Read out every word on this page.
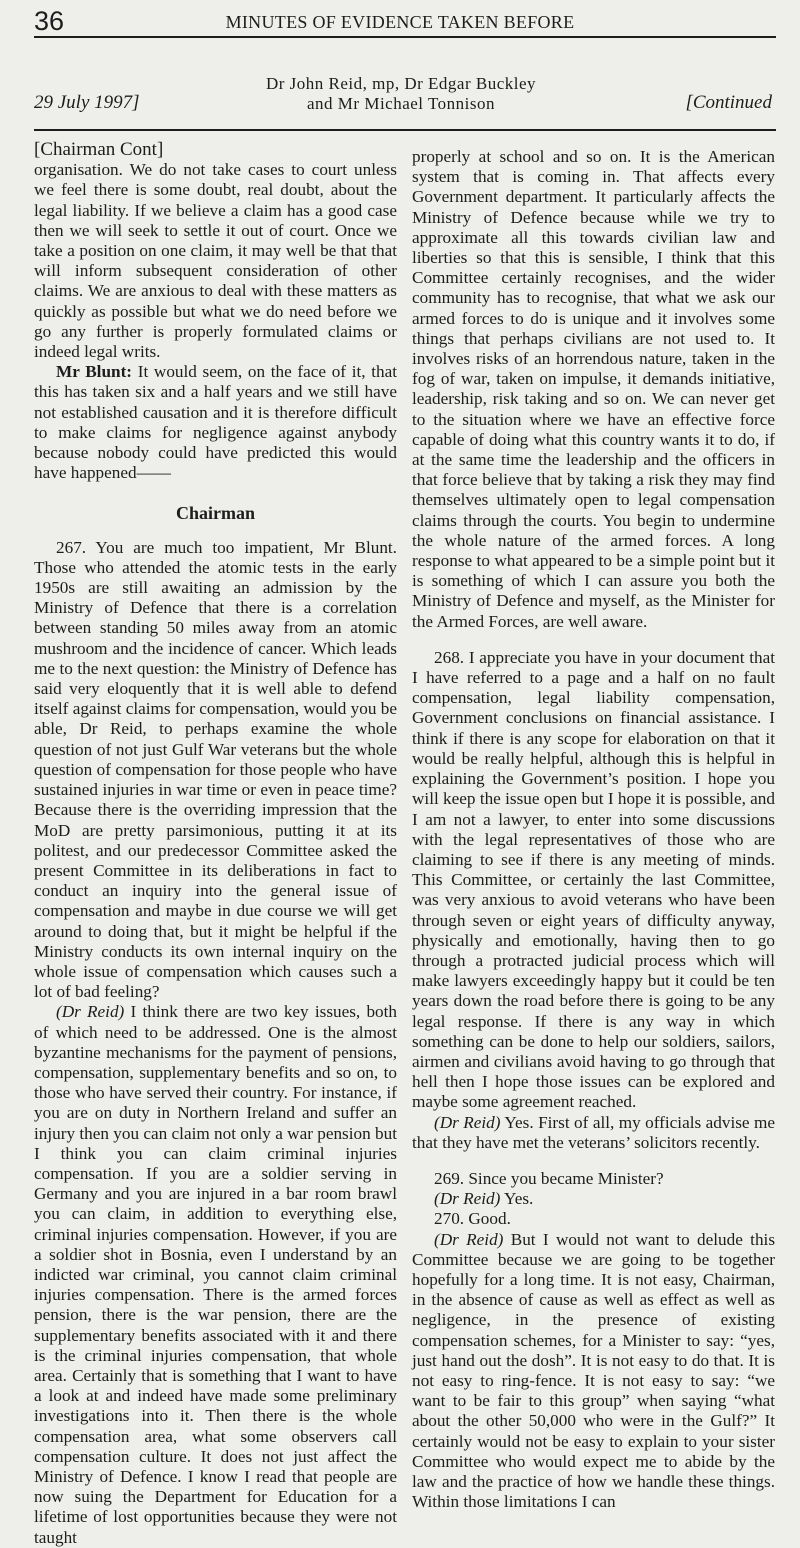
36	MINUTES OF EVIDENCE TAKEN BEFORE
29 July 1997]
Dr John Reid, mp, Dr Edgar Buckley
and Mr Michael Tonnison	[Continued

[Chairman Cont]

organisation. We do not take cases to court unless we feel there is some doubt, real doubt, about the legal liability. If we believe a claim has a good case then we will seek to settle it out of court. Once we take a position on one claim, it may well be that that will inform subsequent consideration of other claims. We are anxious to deal with these matters as quickly as possible but what we do need before we go any further is properly formulated claims or indeed legal writs.

Mr Blunt: It would seem, on the face of it, that this has taken six and a half years and we still have not established causation and it is therefore difficult to make claims for negligence against anybody because nobody could have predicted this would have happened——

Chairman

267. You are much too impatient, Mr Blunt. Those who attended the atomic tests in the early 1950s are still awaiting an admission by the Ministry of Defence that there is a correlation between standing 50 miles away from an atomic mushroom and the incidence of cancer. Which leads me to the next question: the Ministry of Defence has said very eloquently that it is well able to defend itself against claims for compensation, would you be able, Dr Reid, to perhaps examine the whole question of not just Gulf War veterans but the whole question of compensation for those people who have sustained injuries in war time or even in peace time? Because there is the overriding impression that the MoD are pretty parsimonious, putting it at its politest, and our predecessor Committee asked the present Committee in its deliberations in fact to conduct an inquiry into the general issue of compensation and maybe in due course we will get around to doing that, but it might be helpful if the Ministry conducts its own internal inquiry on the whole issue of compensation which causes such a lot of bad feeling?

(Dr Reid) I think there are two key issues, both of which need to be addressed. One is the almost byzantine mechanisms for the payment of pensions, compensation, supplementary benefits and so on, to those who have served their country. For instance, if you are on duty in Northern Ireland and suffer an injury then you can claim not only a war pension but I think you can claim criminal injuries compensation. If you are a soldier serving in Germany and you are injured in a bar room brawl you can claim, in addition to everything else, criminal injuries compensation. However, if you are a soldier shot in Bosnia, even I understand by an indicted war criminal, you cannot claim criminal injuries compensation. There is the armed forces pension, there is the war pension, there are the supplementary benefits associated with it and there is the criminal injuries compensation, that whole area. Certainly that is something that I want to have a look at and indeed have made some preliminary investigations into it. Then there is the whole compensation area, what some observers call compensation culture. It does not just affect the Ministry of Defence. I know I read that people are now suing the Department for Education for a lifetime of lost opportunities because they were not taught

properly at school and so on. It is the American system that is coming in. That affects every Government department. It particularly affects the Ministry of Defence because while we try to approximate all this towards civilian law and liberties so that this is sensible, I think that this Committee certainly recognises, and the wider community has to recognise, that what we ask our armed forces to do is unique and it involves some things that perhaps civilians are not used to. It involves risks of an horrendous nature, taken in the fog of war, taken on impulse, it demands initiative, leadership, risk taking and so on. We can never get to the situation where we have an effective force capable of doing what this country wants it to do, if at the same time the leadership and the officers in that force believe that by taking a risk they may find themselves ultimately open to legal compensation claims through the courts. You begin to undermine the whole nature of the armed forces. A long response to what appeared to be a simple point but it is something of which I can assure you both the Ministry of Defence and myself, as the Minister for the Armed Forces, are well aware.

268. I appreciate you have in your document that I have referred to a page and a half on no fault compensation, legal liability compensation, Government conclusions on financial assistance. I think if there is any scope for elaboration on that it would be really helpful, although this is helpful in explaining the Government’s position. I hope you will keep the issue open but I hope it is possible, and I am not a lawyer, to enter into some discussions with the legal representatives of those who are claiming to see if there is any meeting of minds. This Committee, or certainly the last Committee, was very anxious to avoid veterans who have been through seven or eight years of difficulty anyway, physically and emotionally, having then to go through a protracted judicial process which will make lawyers exceedingly happy but it could be ten years down the road before there is going to be any legal response. If there is any way in which something can be done to help our soldiers, sailors, airmen and civilians avoid having to go through that hell then I hope those issues can be explored and maybe some agreement reached.

(Dr Reid) Yes. First of all, my officials advise me that they have met the veterans’ solicitors recently.

269. Since you became Minister?

(Dr Reid) Yes.

270. Good.

(Dr Reid) But I would not want to delude this Committee because we are going to be together hopefully for a long time. It is not easy, Chairman, in the absence of cause as well as effect as well as negligence, in the presence of existing compensation schemes, for a Minister to say: “yes, just hand out the dosh”. It is not easy to do that. It is not easy to ring-fence. It is not easy to say: “we want to be fair to this group” when saying “what about the other 50,000 who were in the Gulf?” It certainly would not be easy to explain to your sister Committee who would expect me to abide by the law and the practice of how we handle these things. Within those limitations I can
